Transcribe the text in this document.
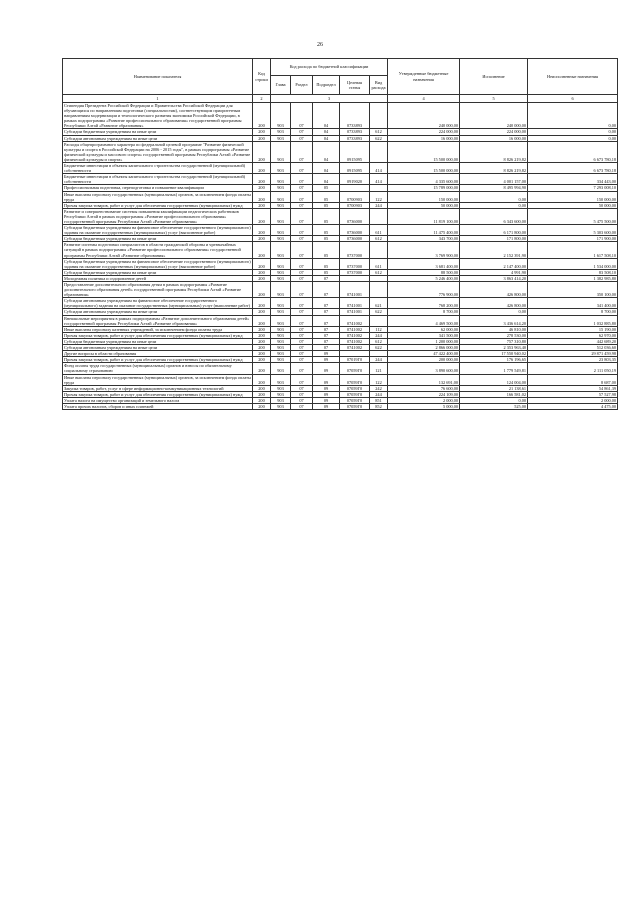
26
Наименование показателя	Код строки	Код расхода по бюджетной классификации					Утвержденные бюджетные назначения	Исполнение	Неисполненные назначения
		Глава	Раздел	Подраздел	Целевая статья	Вид расхода			
1	2	3					4	5	6
Стипендия Президента Российской Федерации и Правительства Российской Федерации для обучающихся по направлениям подготовки (специальностям), соответствующим приоритетным направлениям модернизации и технологического развития экономики Российской Федерации, в рамках подпрограммы «Развитие профессионального образования» государственной программы Республики Алтай «Развитие образования»	200	903	07	04	0733893		240 000,00	240 000,00	0,00
Субсидии бюджетным учреждениям на иные цели	200	903	07	04	0733893	612	224 000,00	224 000,00	0,00
Субсидии автономным учреждениям на иные цели	200	903	07	04	0733893	622	16 000,00	16 000,00	0,00
Расходы общепрограммного характера по федеральной целевой программе "Развитие физической культуры и спорта в Российской Федерации на 2006 - 2015 годы", в рамках подпрограммы «Развитие физической культуры и массового спорта» государственной программы Республики Алтай «Развитие физической культуры и спорта»	200	903	07	04	0915095		15 500 000,00	8 826 219,82	6 673 780,18
Бюджетные инвестиции в объекты капитального строительства государственной (муниципальной) собственности	200	903	07	04	0915095	414	15 500 000,00	8 826 219,82	6 673 780,18
Бюджетные инвестиции в объекты капитального строительства государственной (муниципальной) собственности	200	903	07	04	0919020	414	4 335 600,00	4 001 157,00	334 443,00
Профессиональная подготовка, переподготовка и повышение квалификации	200	903	07	05			15 789 000,00	8 495 994,90	7 293 008,10
Иные выплаты персоналу государственных (муниципальных) органов, за исключением фонда оплаты труда	200	903	07	05	0700903	122	150 000,00	0,00	150 000,00
Прочая закупка товаров, работ и услуг для обеспечения государственных (муниципальных) нужд	200	903	07	05	0700903	244	50 000,00	0,00	50 000,00
Развитие и совершенствование системы повышения квалификации педагогических работников Республики Алтай в рамках подпрограммы «Развитие профессионального образования» государственной программы Республики Алтай «Развитие образования»	200	903	07	05	0736000		11 819 100,00	6 343 600,00	5 475 500,00
Субсидии бюджетным учреждениям на финансовое обеспечение государственного (муниципального) задания на оказание государственных (муниципальных) услуг (выполнение работ)	200	903	07	05	0736000	611	11 475 400,00	6 171 800,00	5 303 600,00
Субсидии бюджетным учреждениям на иные цели	200	903	07	05	0736000	612	343 700,00	171 800,00	171 900,00
Развитие системы подготовки специалистов в области гражданской обороны и чрезвычайных ситуаций в рамках подпрограммы «Развитие профессионального образования» государственной программы Республики Алтай «Развитие образования»	200	903	07	05	0737000		3 769 900,00	2 152 391,90	1 617 508,10
Субсидии бюджетным учреждениям на финансовое обеспечение государственного (муниципального) задания на оказание государственных (муниципальных) услуг (выполнение работ)	200	903	07	05	0737000	611	3 681 400,00	2 147 400,00	1 534 000,00
Субсидии бюджетным учреждениям на иные цели	200	903	07	05	0737000	612	88 500,00	4 991,90	83 508,10
Молодежная политика и оздоровление детей	200	903	07	07			5 246 400,00	3 863 414,20	1 382 985,80
Предоставление дополнительного образования детям в рамках подпрограммы «Развитие дополнительного образования детей» государственной программы Республики Алтай «Развитие образования»	200	903	07	07	0741001		776 900,00	426 800,00	350 100,00
Субсидии автономным учреждениям на финансовое обеспечение государственного (муниципального) задания на оказание государственных (муниципальных) услуг (выполнение работ)	200	903	07	07	0741001	621	768 200,00	426 800,00	341 400,00
Субсидии автономным учреждениям на иные цели	200	903	07	07	0741001	622	8 700,00	0,00	8 700,00
Внешкольные мероприятия в рамках подпрограммы «Развитие дополнительного образования детей» государственной программы Республики Алтай «Развитие образования»	200	903	07	07	0741002		4 469 500,00	3 436 614,20	1 032 885,80
Иные выплаты персоналу казенных учреждений, за исключением фонда оплаты труда	200	903	07	07	0741002	112	62 000,00	46 810,00	15 190,00
Прочая закупка товаров, работ и услуг для обеспечения государственных (муниципальных) нужд	200	903	07	07	0741002	244	341 500,00	278 530,00	62 970,00
Субсидии бюджетным учреждениям на иные цели	200	903	07	07	0741002	612	1 200 000,00	757 310,80	442 689,20
Субсидии автономным учреждениям на иные цели	200	903	07	07	0741002	622	2 866 000,00	2 353 963,40	512 036,60
Другие вопросы в области образования	200	903	07	09			47 422 400,00	17 550 940,02	29 871 459,98
Прочая закупка товаров, работ и услуг для обеспечения государственных (муниципальных) нужд	200	903	07	09	07019Г0	244	200 000,00	176 196,65	23 803,35
Фонд оплаты труда государственных (муниципальных) органов и взносы по обязательному социальному страхованию	200	903	07	09	07059Г0	121	3 890 600,00	1 779 549,81	2 111 050,19
Иные выплаты персоналу государственных (муниципальных) органов, за исключением фонда оплаты труда	200	903	07	09	07059Г0	122	132 691,00	124 004,00	8 687,00
Закупка товаров, работ, услуг в сфере информационно-коммуникационных технологий	200	903	07	09	07059Г0	242	76 600,00	21 138,61	54 861,39
Прочая закупка товаров, работ и услуг для обеспечения государственных (муниципальных) нужд	200	903	07	09	07059Г0	244	224 109,00	166 581,02	57 527,98
Уплата налога на имущество организаций и земельного налога	200	903	07	09	07059Г0	851	2 000,00	0,00	2 000,00
Уплата прочих налогов, сборов и иных платежей	200	903	07	09	07059Г0	852	5 000,00	525,00	4 475,00
